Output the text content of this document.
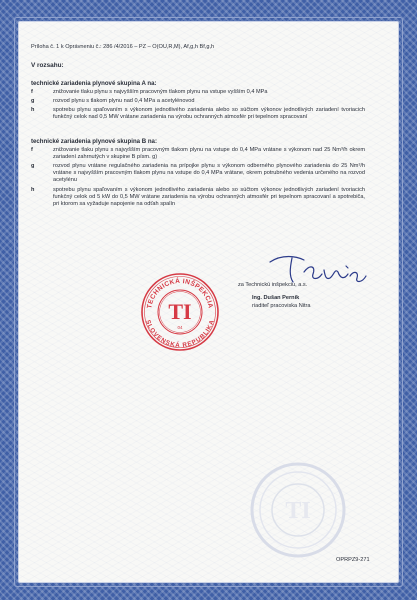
Príloha č. 1 k Oprávneniu č.: 286 /4/2016 – PZ – O(OU,R,M), Af,g,h Bf,g,h
V rozsahu:
technické zariadenia plynové skupina A na:
f	znižovanie tlaku plynu s najvyšším pracovným tlakom plynu na vstupe vyšším 0,4 MPa
g	rozvod plynu s tlakom plynu nad 0,4 MPa a acetylénovod
h	spotrebu plynu spaľovaním s výkonom jednotlivého zariadenia alebo so súčtom výkonov jednotlivých zariadení tvoriacich funkčný celok nad 0,5 MW vrátane zariadenia na výrobu ochranných atmosfér pri tepelnom spracovaní
technické zariadenia plynové skupina B na:
f	znižovanie tlaku plynu s najvyšším pracovným tlakom plynu na vstupe do 0,4 MPa vrátane s výkonom nad 25 Nm³/h okrem zariadení zahrnutých v skupine B písm. g)
g	rozvod plynu vrátane regulačného zariadenia na prípojke plynu s výkonom odberného plynového zariadenia do 25 Nm³/h vrátane s najvyšším pracovným tlakom plynu na vstupe do 0,4 MPa vrátane, okrem potrubného vedenia určeného na rozvod acetylénu
h	spotrebu plynu spaľovaním s výkonom jednotlivého zariadenia alebo so súčtom výkonov jednotlivých zariadení tvoriacich funkčný celok od 5 kW do 0,5 MW vrátane zariadenia na výrobu ochranných atmosfér pri tepelnom spracovaní a spotrebiča, pri ktorom sa vyžaduje napojenie na odťah spalín
za Technickú inšpekciu, a.s.
Ing. Dušan Perník
riaditeľ pracoviska Nitra
TECHNICKÁ INŠPEKCIA
SLOVENSKÁ REPUBLIKA
TI
04
TI
OPRPZ9-271
